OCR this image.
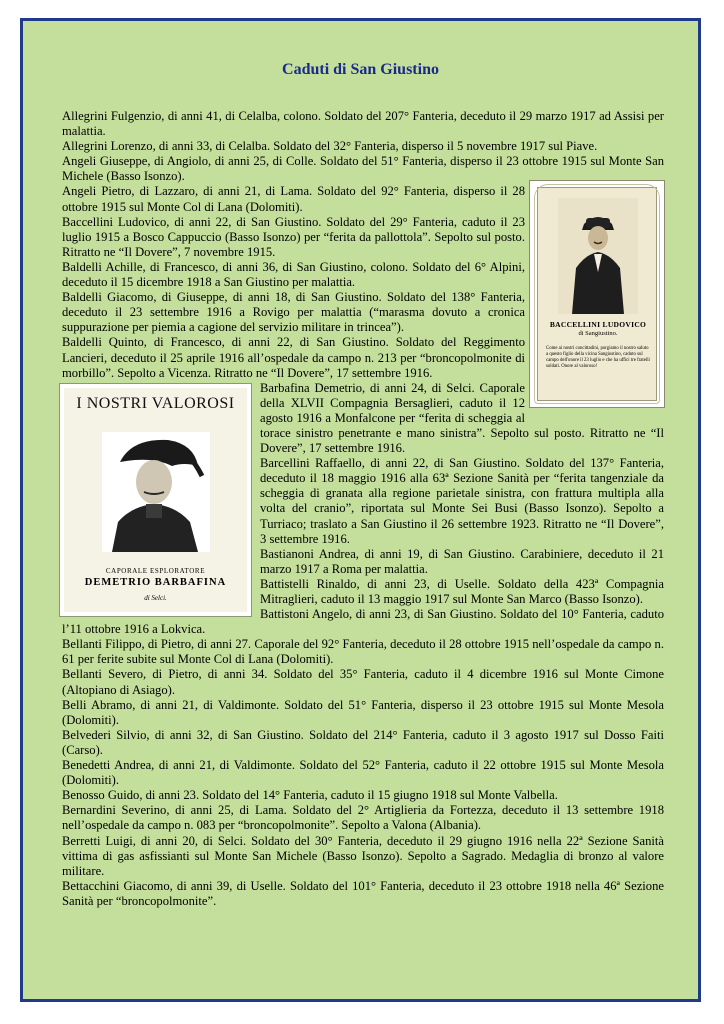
Caduti di San Giustino

Allegrini Fulgenzio, di anni 41, di Celalba, colono. Soldato del 207° Fanteria, deceduto il 29 marzo 1917 ad Assisi per malattia.

Allegrini Lorenzo, di anni 33, di Celalba. Soldato del 32° Fanteria, disperso il 5 novembre 1917 sul Piave.

Angeli Giuseppe, di Angiolo, di anni 25, di Colle. Soldato del 51° Fanteria, disperso il 23 ottobre 1915 sul Monte San Michele (Basso Isonzo).

BACCELLINI LUDOVICO
di Sangiustino.
Come ai nostri concittadini, porgiamo il nostro saluto a questo figlio della vicina Sangiustino, caduto sul campo dell'onore il 23 luglio e che ha uffici tre fratelli soldati. Onore al valoroso!

Angeli Pietro, di Lazzaro, di anni 21, di Lama. Soldato del 92° Fanteria, disperso il 28 ottobre 1915 sul Monte Col di Lana (Dolomiti).

Baccellini Ludovico, di anni 22, di San Giustino. Soldato del 29° Fanteria, caduto il 23 luglio 1915 a Bosco Cappuccio (Basso Isonzo) per “ferita da pallottola”. Sepolto sul posto. Ritratto ne “Il Dovere”, 7 novembre 1915.

Baldelli Achille, di Francesco, di anni 36, di San Giustino, colono. Soldato del 6° Alpini, deceduto il 15 dicembre 1918 a San Giustino per malattia.

Baldelli Giacomo, di Giuseppe, di anni 18, di San Giustino. Soldato del 138° Fanteria, deceduto il 23 settembre 1916 a Rovigo per malattia (“marasma dovuto a cronica suppurazione per piemia a cagione del servizio militare in trincea”).

Baldelli Quinto, di Francesco, di anni 22, di San Giustino. Soldato del Reggimento Lancieri, deceduto il 25 aprile 1916 all’ospedale da campo n. 213 per “broncopolmonite di morbillo”. Sepolto a Vicenza. Ritratto ne “Il Dovere”, 17 settembre 1916.

I NOSTRI VALOROSI
CAPORALE ESPLORATORE
DEMETRIO BARBAFINA
di Selci.

Barbafina Demetrio, di anni 24, di Selci. Caporale della XLVII Compagnia Bersaglieri, caduto il 12 agosto 1916 a Monfalcone per “ferita di scheggia al torace sinistro penetrante e mano sinistra”. Sepolto sul posto. Ritratto ne “Il Dovere”, 17 settembre 1916.

Barcellini Raffaello, di anni 22, di San Giustino. Soldato del 137° Fanteria, deceduto il 18 maggio 1916 alla 63ª Sezione Sanità per “ferita tangenziale da scheggia di granata alla regione parietale sinistra, con frattura multipla alla volta del cranio”, riportata sul Monte Sei Busi (Basso Isonzo). Sepolto a Turriaco; traslato a San Giustino il 26 settembre 1923. Ritratto ne “Il Dovere”, 3 settembre 1916.

Bastianoni Andrea, di anni 19, di San Giustino. Carabiniere, deceduto il 21 marzo 1917 a Roma per malattia.

Battistelli Rinaldo, di anni 23, di Uselle. Soldato della 423ª Compagnia Mitraglieri, caduto il 13 maggio 1917 sul Monte San Marco (Basso Isonzo).

Battistoni Angelo, di anni 23, di San Giustino. Soldato del 10° Fanteria, caduto l’11 ottobre 1916 a Lokvica.

Bellanti Filippo, di Pietro, di anni 27. Caporale del 92° Fanteria, deceduto il 28 ottobre 1915 nell’ospedale da campo n. 61 per ferite subite sul Monte Col di Lana (Dolomiti).

Bellanti Severo, di Pietro, di anni 34. Soldato del 35° Fanteria, caduto il 4 dicembre 1916 sul Monte Cimone (Altopiano di Asiago).

Belli Abramo, di anni 21, di Valdimonte. Soldato del 51° Fanteria, disperso il 23 ottobre 1915 sul Monte Mesola (Dolomiti).

Belvederi Silvio, di anni 32, di San Giustino. Soldato del 214° Fanteria, caduto il 3 agosto 1917 sul Dosso Faiti (Carso).

Benedetti Andrea, di anni 21, di Valdimonte. Soldato del 52° Fanteria, caduto il 22 ottobre 1915 sul Monte Mesola (Dolomiti).

Benosso Guido, di anni 23. Soldato del 14° Fanteria, caduto il 15 giugno 1918 sul Monte Valbella.

Bernardini Severino, di anni 25, di Lama. Soldato del 2° Artiglieria da Fortezza, deceduto il 13 settembre 1918 nell’ospedale da campo n. 083 per “broncopolmonite”. Sepolto a Valona (Albania).

Berretti Luigi, di anni 20, di Selci. Soldato del 30° Fanteria, deceduto il 29 giugno 1916 nella 22ª Sezione Sanità vittima di gas asfissianti sul Monte San Michele (Basso Isonzo). Sepolto a Sagrado. Medaglia di bronzo al valore militare.

Bettacchini Giacomo, di anni 39, di Uselle. Soldato del 101° Fanteria, deceduto il 23 ottobre 1918 nella 46ª Sezione Sanità per “broncopolmonite”.
